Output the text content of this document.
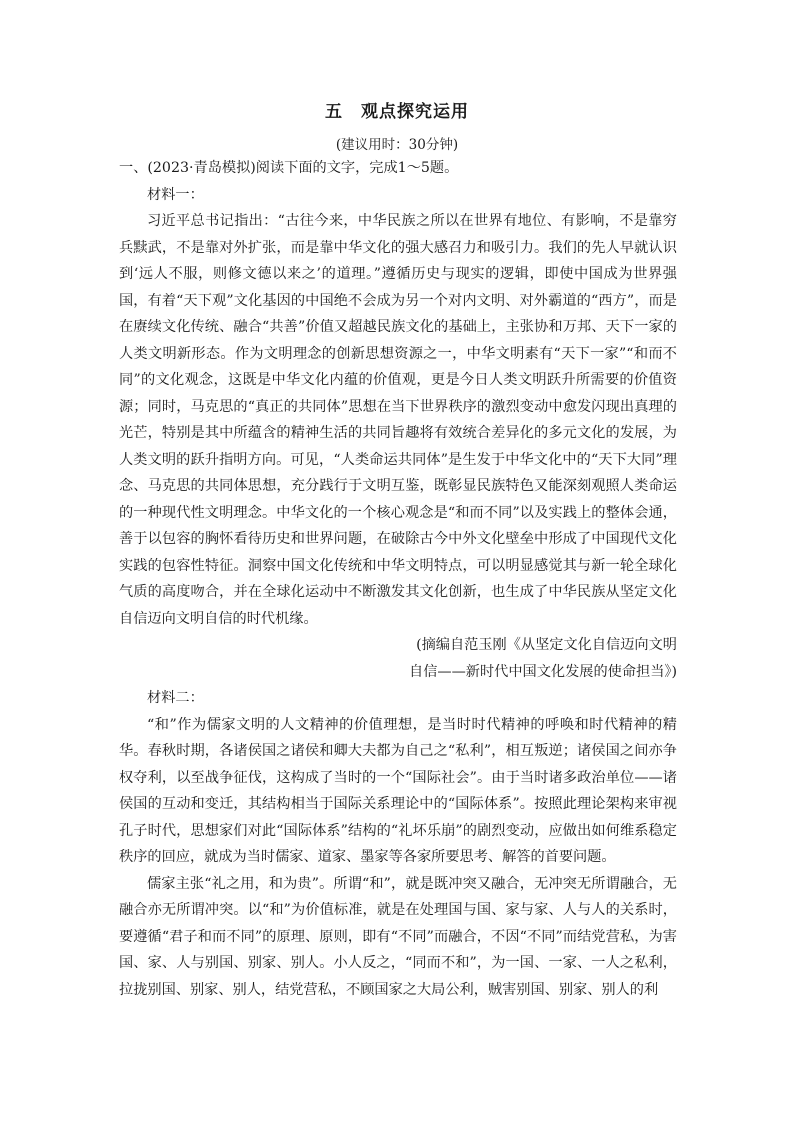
五　观点探究运用
(建议用时：30分钟)

一、(2023·青岛模拟)阅读下面的文字，完成1～5题。

材料一：

习近平总书记指出：“古往今来，中华民族之所以在世界有地位、有影响，不是靠穷兵黩武，不是靠对外扩张，而是靠中华文化的强大感召力和吸引力。我们的先人早就认识到‘远人不服，则修文德以来之’的道理。”遵循历史与现实的逻辑，即使中国成为世界强国，有着“天下观”文化基因的中国绝不会成为另一个对内文明、对外霸道的“西方”，而是在赓续文化传统、融合“共善”价值又超越民族文化的基础上，主张协和万邦、天下一家的人类文明新形态。作为文明理念的创新思想资源之一，中华文明素有“天下一家”“和而不同”的文化观念，这既是中华文化内蕴的价值观，更是今日人类文明跃升所需要的价值资源；同时，马克思的“真正的共同体”思想在当下世界秩序的激烈变动中愈发闪现出真理的光芒，特别是其中所蕴含的精神生活的共同旨趣将有效统合差异化的多元文化的发展，为人类文明的跃升指明方向。可见，“人类命运共同体”是生发于中华文化中的“天下大同”理念、马克思的共同体思想，充分践行于文明互鉴，既彰显民族特色又能深刻观照人类命运的一种现代性文明理念。中华文化的一个核心观念是“和而不同”以及实践上的整体会通，善于以包容的胸怀看待历史和世界问题，在破除古今中外文化壁垒中形成了中国现代文化实践的包容性特征。洞察中国文化传统和中华文明特点，可以明显感觉其与新一轮全球化气质的高度吻合，并在全球化运动中不断激发其文化创新，也生成了中华民族从坚定文化自信迈向文明自信的时代机缘。

(摘编自范玉刚《从坚定文化自信迈向文明
自信——新时代中国文化发展的使命担当》)

材料二：

“和”作为儒家文明的人文精神的价值理想，是当时时代精神的呼唤和时代精神的精华。春秋时期，各诸侯国之诸侯和卿大夫都为自己之“私利”，相互叛逆；诸侯国之间亦争权夺利，以至战争征伐，这构成了当时的一个“国际社会”。由于当时诸多政治单位——诸侯国的互动和变迁，其结构相当于国际关系理论中的“国际体系”。按照此理论架构来审视孔子时代，思想家们对此“国际体系”结构的“礼坏乐崩”的剧烈变动，应做出如何维系稳定秩序的回应，就成为当时儒家、道家、墨家等各家所要思考、解答的首要问题。

儒家主张“礼之用，和为贵”。所谓“和”，就是既冲突又融合，无冲突无所谓融合，无融合亦无所谓冲突。以“和”为价值标准，就是在处理国与国、家与家、人与人的关系时，要遵循“君子和而不同”的原理、原则，即有“不同”而融合，不因“不同”而结党营私，为害国、家、人与别国、别家、别人。小人反之，“同而不和”，为一国、一家、一人之私利，拉拢别国、别家、别人，结党营私，不顾国家之大局公利，贼害别国、别家、别人的利
